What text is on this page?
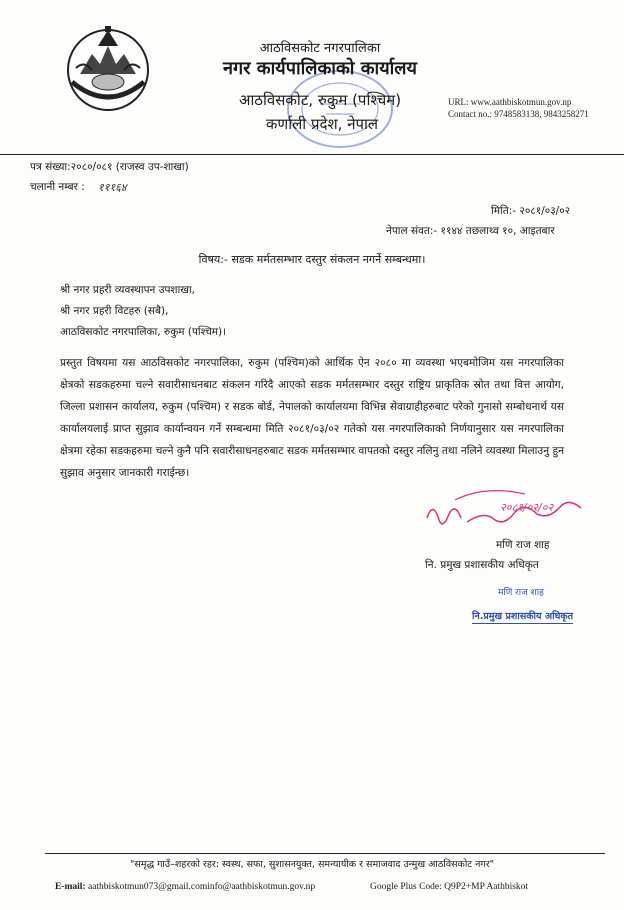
आठविसकोट नगरपालिका
नगर कार्यपालिकाको कार्यालय
आठविसकोट, रुकुम (पश्चिम)
कर्णाली प्रदेश, नेपाल
URL: www.aathbiskotmun.gov.np
Contact no.: 9748583138, 9843258271
पत्र संख्या:२०८०/०८१ (राजस्व उप-शाखा)
चलानी नम्बर : १११६४
मिति:- २०८१/०३/०२
नेपाल संवत:- ११४४ तछलाथ्व १०, आइतबार
विषय:- सडक मर्मतसम्भार दस्तुर संकलन नगर्ने सम्बन्धमा।
श्री नगर प्रहरी व्यवस्थापन उपशाखा,
श्री नगर प्रहरी विटहरु (सबै),
आठविसकोट नगरपालिका, रुकुम (पश्चिम)।
प्रस्तुत विषयमा यस आठविसकोट नगरपालिका, रुकुम (पश्चिम)को आर्थिक ऐन २०८० मा व्यवस्था भएबमोजिम यस नगरपालिका क्षेत्रको सडकहरुमा चल्ने सवारीसाधनबाट संकलन गरिदै आएको सडक मर्मतसम्भार दस्तुर राष्ट्रिय प्राकृतिक स्रोत तथा वित्त आयोग, जिल्ला प्रशासन कार्यालय, रुकुम (पश्चिम) र सडक बोर्ड, नेपालको कार्यालयमा विभिन्न सेवाग्राहीहरुबाट परेको गुनासो सम्बोधनार्थ यस कार्यालयलाई प्राप्त सुझाव कार्यान्वयन गर्ने सम्बन्धमा मिति २०८१/०३/०२ गतेको यस नगरपालिकाको निर्णयानुसार यस नगरपालिका क्षेत्रमा रहेका सडकहरुमा चल्ने कुनै पनि सवारीसाधनहरुबाट सडक मर्मतसम्भार वापतको दस्तुर नलिनु तथा नलिने व्यवस्था मिलाउनु हुन सुझाव अनुसार जानकारी गराईन्छ।
२०८१/०२/०२
मणि राज शाह
नि. प्रमुख प्रशासकीय अधिकृत
मणि राज शाह
नि.प्रमुख प्रशासकीय अधिकृत
"समृद्ध गाउँ–शहरको रहर: स्वस्थ, सफा, सुशासनयुक्त, समन्यायीक र समाजवाद उन्मुख आठविसकोट नगर"
E-mail: aathbiskotmun073@gmail.cominfo@aathbiskotmun.gov.np	Google Plus Code: Q9P2+MP Aathbiskot
